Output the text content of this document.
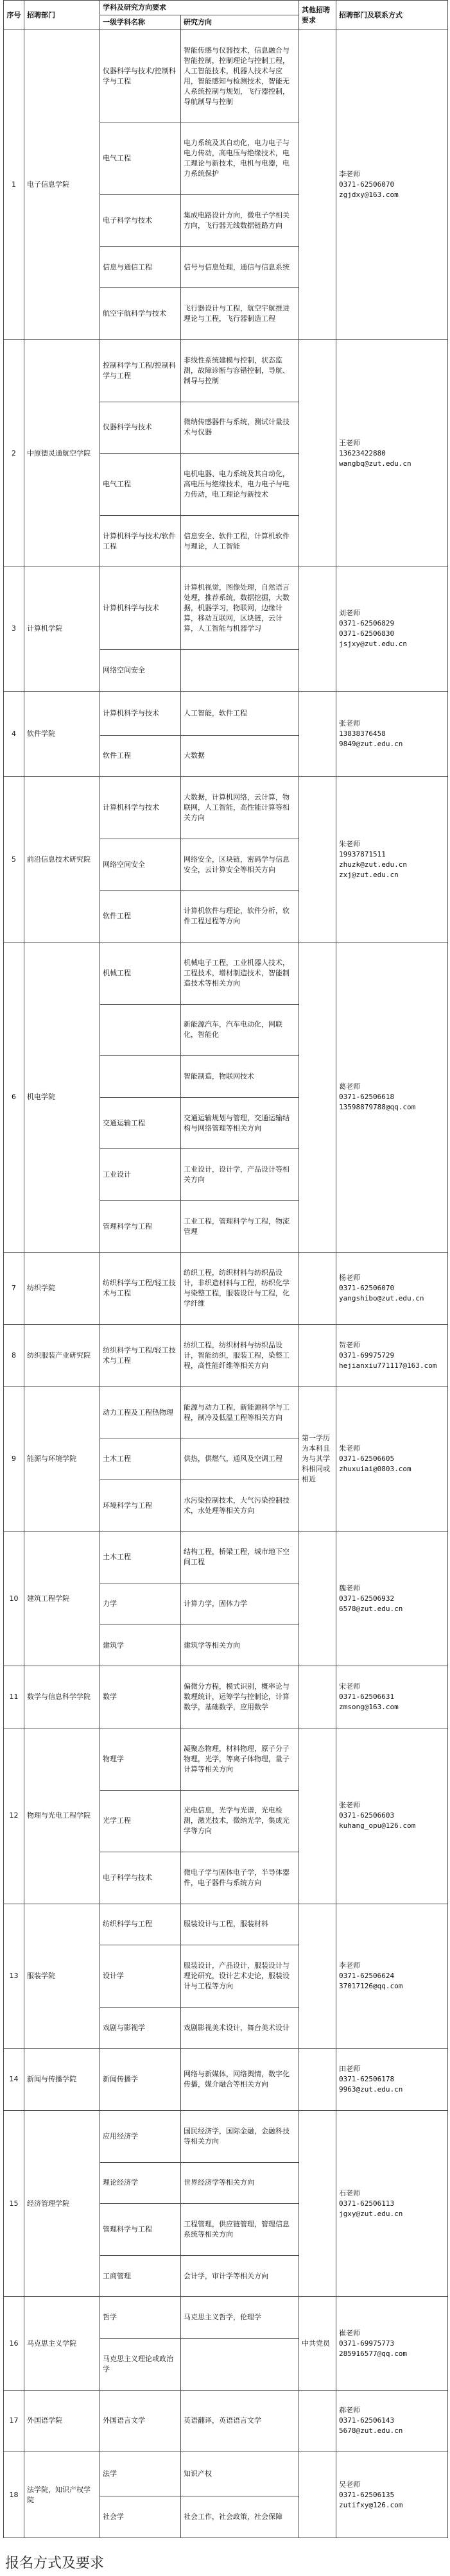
序号	招聘部门	学科及研究方向要求		其他招聘要求	招聘部门及联系方式
		一级学科名称	研究方向		
1	电子信息学院	仪器科学与技术/控制科学与工程	智能传感与仪器技术，信息融合与智能控制，控制理论与控制工程，人工智能技术，机器人技术与应用，智能感知与检测技术，智能无人系统控制与规划，飞行器控制，导航制导与控制		李老师
0371-62506070
zgjdxy@163.com
		电气工程	电力系统及其自动化，电力电子与电力传动，高电压与绝缘技术，电工理论与新技术，电机与电器，电力系统保护		
		电子科学与技术	集成电路设计方向，微电子学相关方向，飞行器无线数据链路方向		
		信息与通信工程	信号与信息处理，通信与信息系统		
		航空宇航科学与技术	飞行器设计与工程，航空宇航推进理论与工程，飞行器制造工程		
2	中原德灵通航空学院	控制科学与工程/控制科学与工程	非线性系统建模与控制，状态监测，故障诊断与容错控制，导航、制导与控制		王老师
13623422880
wangbq@zut.edu.cn
		仪器科学与技术	微纳传感器件与系统，测试计量技术与仪器		
		电气工程	电机电器、电力系统及其自动化，高电压与绝缘技术，电力电子与电力传动，电工理论与新技术		
		计算机科学与技术/软件工程	信息安全、软件工程，计算机软件与理论，人工智能		
3	计算机学院	计算机科学与技术	计算机视觉，图像处理，自然语言处理，推荐系统，数据挖掘，大数据，机器学习，物联网，边缘计算，移动互联网，区块链，云计算，人工智能与机器学习		刘老师
0371-62506829
0371-62506830
jsjxy@zut.edu.cn
		网络空间安全			
4	软件学院	计算机科学与技术	人工智能，软件工程		张老师
13838376458
9849@zut.edu.cn
		软件工程	大数据		
5	前沿信息技术研究院	计算机科学与技术	大数据，计算机网络，云计算，物联网，人工智能，高性能计算等相关方向		朱老师
19937871511
zhuzk@zut.edu.cn
zxj@zut.edu.cn
		网络空间安全	网络安全，区块链，密码学与信息安全，云计算安全等相关方向		
		软件工程	计算机软件与理论，软件分析，软件工程过程等方向		
6	机电学院	机械工程	机械电子工程，工业机器人技术，工程技术，增材制造技术，智能制造技术等相关方向		葛老师
0371-62506618
13598879788@qq.com
			新能源汽车，汽车电动化，网联化，智能化		
			智能制造，物联网技术		
		交通运输工程	交通运输规划与管理，交通运输结构与网络管理等相关方向		
		工业设计	工业设计，设计学，产品设计等相关方向		
		管理科学与工程	工业工程，管理科学与工程，物流管理		
7	纺织学院	纺织科学与工程/轻工技术与工程	纺织工程，纺织材料与纺织品设计，非织造材料与工程，纺织化学与染整工程，服装设计与工程，化学纤维		杨老师
0371-62506070
yangshibo@zut.edu.cn
8	纺织服装产业研究院	纺织科学与工程/轻工技术与工程	纺织工程，纺织材料与纺织品设计，智能纺织，服装工程，染整工程，高性能纤维等相关方向		贺老师
0371-69975729
hejianxiu771117@163.com
9	能源与环境学院	动力工程及工程热物理	能源与动力工程，新能源科学与工程，制冷及低温工程等相关方向	第一学历为本科且为与其学科相同或相近	朱老师
0371-62506605
zhuxuiai@0803.com
		土木工程	供热，供燃气，通风及空调工程		
		环境科学与工程	水污染控制技术，大气污染控制技术，水处理等相关方向		
10	建筑工程学院	土木工程	结构工程，桥梁工程，城市地下空间工程		魏老师
0371-62506932
6578@zut.edu.cn
		力学	计算力学，固体力学		
		建筑学	建筑学等相关方向		
11	数学与信息科学学院	数学	偏微分方程，模式识别，概率论与数理统计，运筹学与控制论，计算数学，基础数学，应用数学		宋老师
0371-62506631
zmsong@163.com
12	物理与光电工程学院	物理学	凝聚态物理，材料物理，原子分子物理，光学，等离子体物理，量子计算等相关方向		张老师
0371-62506603
kuhang_opu@126.com
		光学工程	光电信息，光学与光谱，光电检测，激光技术，微纳光学，集成光学等方向		
		电子科学与技术	微电子学与固体电子学，半导体器件，电子器件与系统方向		
13	服装学院	纺织科学与工程	服装设计与工程，服装材料		李老师
0371-62506624
37017126@qq.com
		设计学	服装设计，产品设计，服装设计与理论研究，设计艺术史论，服装设计与工程等方向		
		戏剧与影视学	戏剧影视美术设计，舞台美术设计		
14	新闻与传播学院	新闻传播学	网络与新媒体，网络舆情，数字化传播，媒介融合等相关方向		田老师
0371-62506178
9963@zut.edu.cn
15	经济管理学院	应用经济学	国民经济学，国际金融，金融科技等相关方向		石老师
0371-62506113
jgxy@zut.edu.cn
		理论经济学	世界经济学等相关方向		
		管理科学与工程	工程管理，供应链管理，管理信息系统等相关方向		
		工商管理	会计学，审计学等相关方向		
16	马克思主义学院	哲学	马克思主义哲学，伦理学	中共党员	崔老师
0371-69975773
285916577@qq.com
		马克思主义理论或政治学			
17	外国语学院	外国语言文学	英语翻译，英语语言文学		郝老师
0371-62506143
5678@zut.edu.cn
18	法学院，知识产权学院	法学	知识产权		吴老师
0371-62506135
zutifxy@126.com
		社会学	社会工作，社会政策，社会保障		
报名方式及要求
